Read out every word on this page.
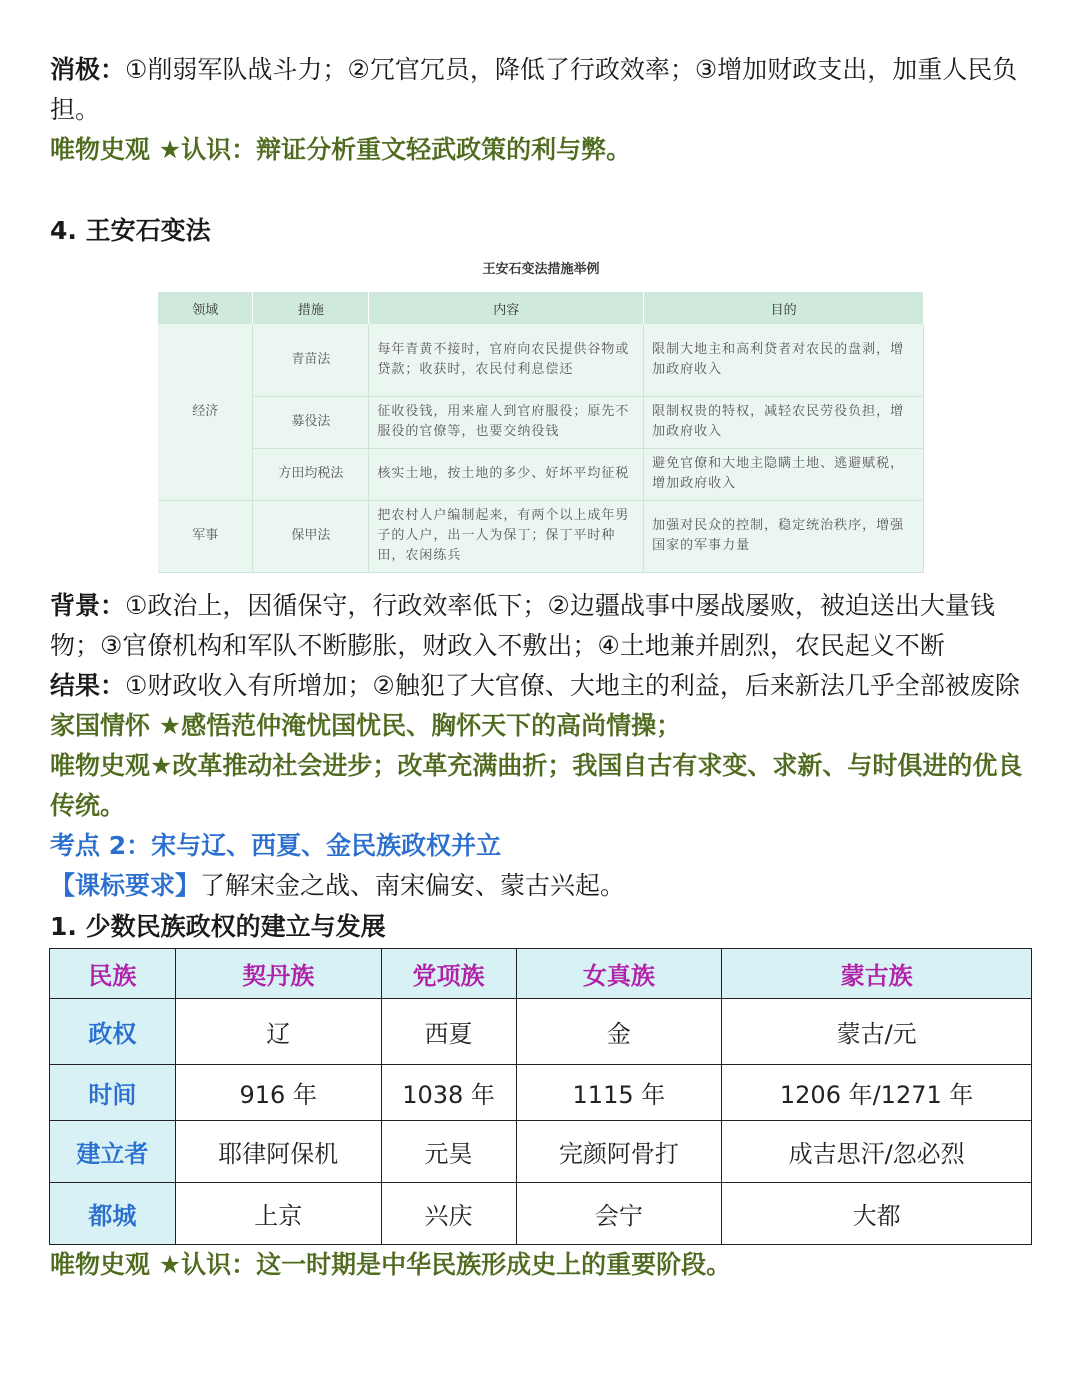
消极：①削弱军队战斗力；②冗官冗员，降低了行政效率；③增加财政支出，加重人民负
担。
唯物史观 ★认识：辩证分析重文轻武政策的利与弊。
4. 王安石变法
王安石变法措施举例
领域	措施	内容	目的
经济	青苗法	每年青黄不接时，官府向农民提供谷物或贷款；收获时，农民付利息偿还	限制大地主和高利贷者对农民的盘剥，增加政府收入
	募役法	征收役钱，用来雇人到官府服役；原先不服役的官僚等，也要交纳役钱	限制权贵的特权，减轻农民劳役负担，增加政府收入
	方田均税法	核实土地，按土地的多少、好坏平均征税	避免官僚和大地主隐瞒土地、逃避赋税，增加政府收入
军事	保甲法	把农村人户编制起来，有两个以上成年男子的人户，出一人为保丁；保丁平时种田，农闲练兵	加强对民众的控制，稳定统治秩序，增强国家的军事力量
背景：①政治上，因循保守，行政效率低下；②边疆战事中屡战屡败，被迫送出大量钱
物；③官僚机构和军队不断膨胀，财政入不敷出；④土地兼并剧烈，农民起义不断
结果：①财政收入有所增加；②触犯了大官僚、大地主的利益，后来新法几乎全部被废除
家国情怀 ★感悟范仲淹忧国忧民、胸怀天下的高尚情操；
唯物史观★改革推动社会进步；改革充满曲折；我国自古有求变、求新、与时俱进的优良
传统。
考点 2：宋与辽、西夏、金民族政权并立
【课标要求】了解宋金之战、南宋偏安、蒙古兴起。
1. 少数民族政权的建立与发展
民族	契丹族	党项族	女真族	蒙古族
政权	辽	西夏	金	蒙古/元
时间	916 年	1038 年	1115 年	1206 年/1271 年
建立者	耶律阿保机	元昊	完颜阿骨打	成吉思汗/忽必烈
都城	上京	兴庆	会宁	大都
唯物史观 ★认识：这一时期是中华民族形成史上的重要阶段。
